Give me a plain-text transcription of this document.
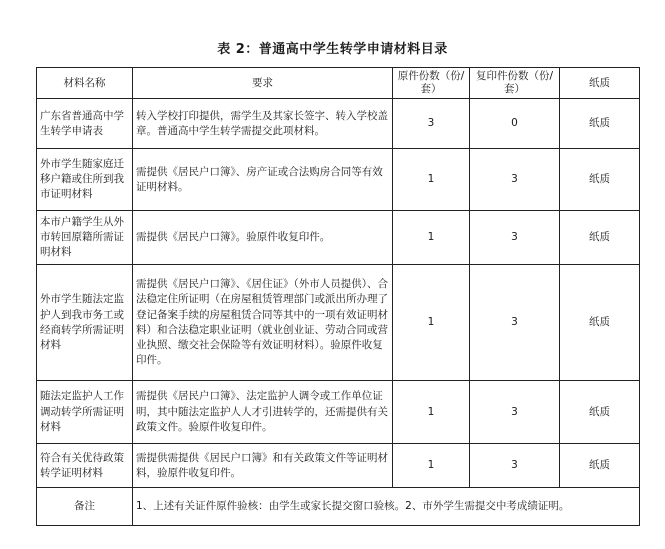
表 2：普通高中学生转学申请材料目录
材料名称	要求	原件份数（份/套）	复印件份数（份/套）	纸质
广东省普通高中学生转学申请表	转入学校打印提供，需学生及其家长签字、转入学校盖章。普通高中学生转学需提交此项材料。	3	0	纸质
外市学生随家庭迁移户籍或住所到我市证明材料	需提供《居民户口簿》、房产证或合法购房合同等有效证明材料。	1	3	纸质
本市户籍学生从外市转回原籍所需证明材料	需提供《居民户口簿》。验原件收复印件。	1	3	纸质
外市学生随法定监护人到我市务工或经商转学所需证明材料	需提供《居民户口簿》、《居住证》（外市人员提供）、合法稳定住所证明（在房屋租赁管理部门或派出所办理了登记备案手续的房屋租赁合同等其中的一项有效证明材料）和合法稳定职业证明（就业创业证、劳动合同或营业执照、缴交社会保险等有效证明材料）。验原件收复印件。	1	3	纸质
随法定监护人工作调动转学所需证明材料	需提供《居民户口簿》、法定监护人调令或工作单位证明，其中随法定监护人人才引进转学的，还需提供有关政策文件。验原件收复印件。	1	3	纸质
符合有关优待政策转学证明材料	需提供需提供《居民户口簿》和有关政策文件等证明材料，验原件收复印件。	1	3	纸质
备注	1、上述有关证件原件验核：由学生或家长提交窗口验核。2、市外学生需提交中考成绩证明。			
